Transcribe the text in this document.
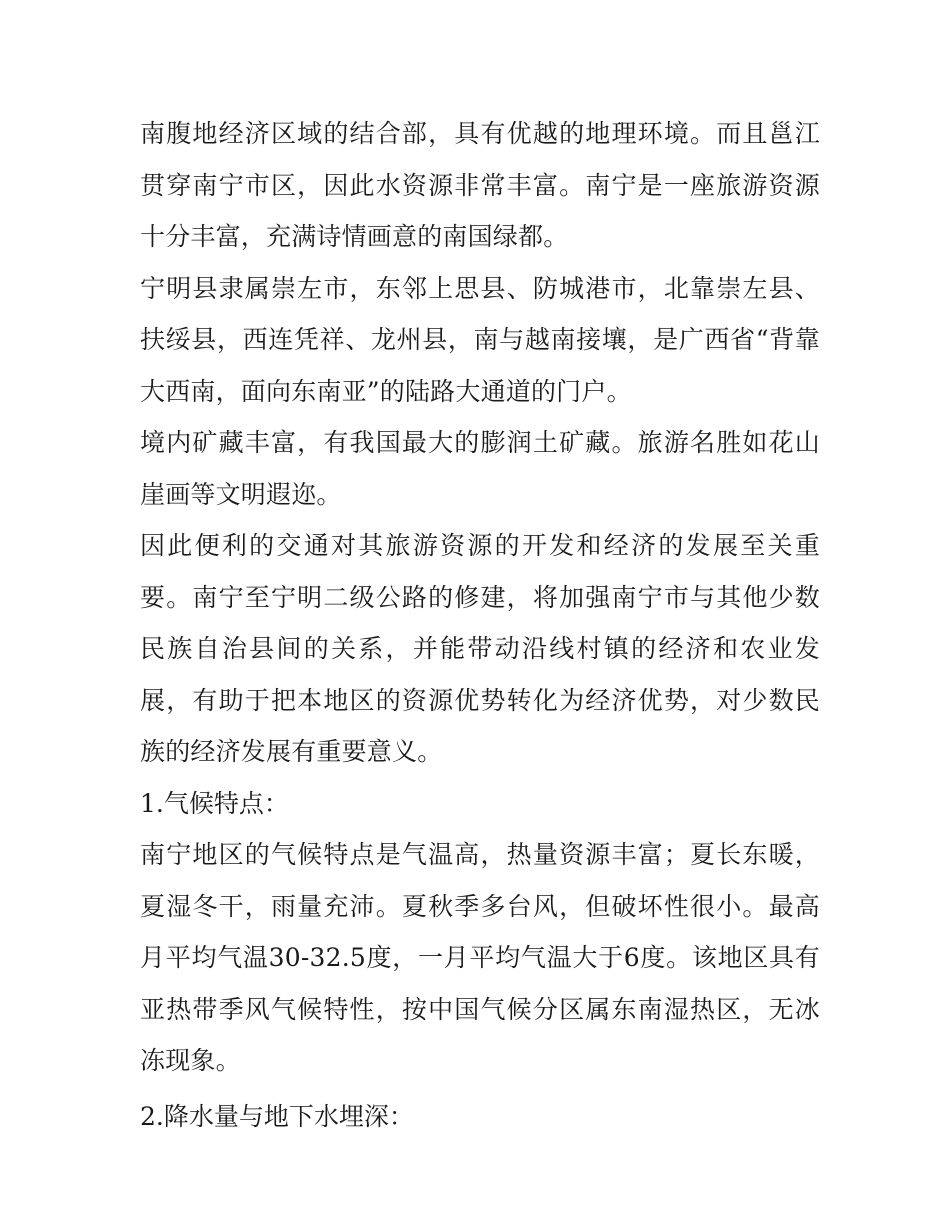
南腹地经济区域的结合部，具有优越的地理环境。而且邕江贯穿南宁市区，因此水资源非常丰富。南宁是一座旅游资源十分丰富，充满诗情画意的南国绿都。

宁明县隶属崇左市，东邻上思县、防城港市，北靠崇左县、扶绥县，西连凭祥、龙州县，南与越南接壤，是广西省“背靠大西南，面向东南亚”的陆路大通道的门户。

境内矿藏丰富，有我国最大的膨润土矿藏。旅游名胜如花山崖画等文明遐迩。

因此便利的交通对其旅游资源的开发和经济的发展至关重要。南宁至宁明二级公路的修建，将加强南宁市与其他少数民族自治县间的关系，并能带动沿线村镇的经济和农业发展，有助于把本地区的资源优势转化为经济优势，对少数民族的经济发展有重要意义。

1.气候特点：

南宁地区的气候特点是气温高，热量资源丰富；夏长东暖，夏湿冬干，雨量充沛。夏秋季多台风，但破坏性很小。最高月平均气温30-32.5度，一月平均气温大于6度。该地区具有亚热带季风气候特性，按中国气候分区属东南湿热区，无冰冻现象。

2.降水量与地下水埋深：
